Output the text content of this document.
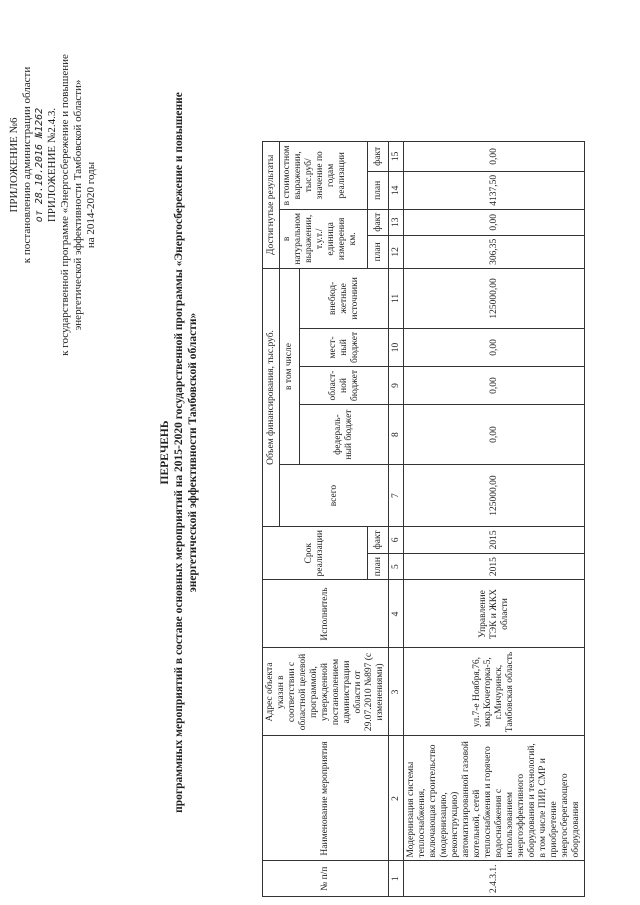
ПРИЛОЖЕНИЕ №6 к постановлению администрации области от 28.10.2016 №1262 ПРИЛОЖЕНИЕ №2.4.3. к государственной программе «Энергосбережение и повышение энергетической эффективности Тамбовской области» на 2014-2020 годы
ПЕРЕЧЕНЬ программных мероприятий в составе основных мероприятий на 2015-2020 государственной программы «Энергосбережение и повышение энергетической эффективности Тамбовской области»
№ п/п	Наименование мероприятия	Адрес объекта указан в соответствии с областной целевой программой, утвержденной постановлением администрации области от 29.07.2010 №897 (с изменениями)	Исполнитель	Срок реализации		Объем финансирования, тыс.руб.					Достигнутые результаты			
						всего	в том числе				в натуральном выражении, т.у.т./ единица измерения км.		в стоимостном выражении, тыс.руб/ значение по годам реализации	
							федераль-ный бюджет	област-ной бюджет	мест-ный бюджет	внебюд-жетные источники				
				план	факт						план	факт	план	факт
1	2	3	4	5	6	7	8	9	10	11	12	13	14	15
2.4.3.1.	Модернизация системы теплоснабжения, включающая строительство (модернизацию, реконструкцию) автоматизированной газовой котельной, сетей теплоснабжения и горячего водоснабжения с использованием энергоэффективного оборудования и технологий, в том числе ПИР, СМР и приобретение энергосберегающего оборудования	ул.7-е Ноября,76, мкр.Кочеторка-5, г.Мичуринск, Тамбовская область	Управление ТЭК и ЖКХ области	2015	2015	125000,00	0,00	0,00	0,00	125000,00	306,35	0,00	4137,50	0,00
